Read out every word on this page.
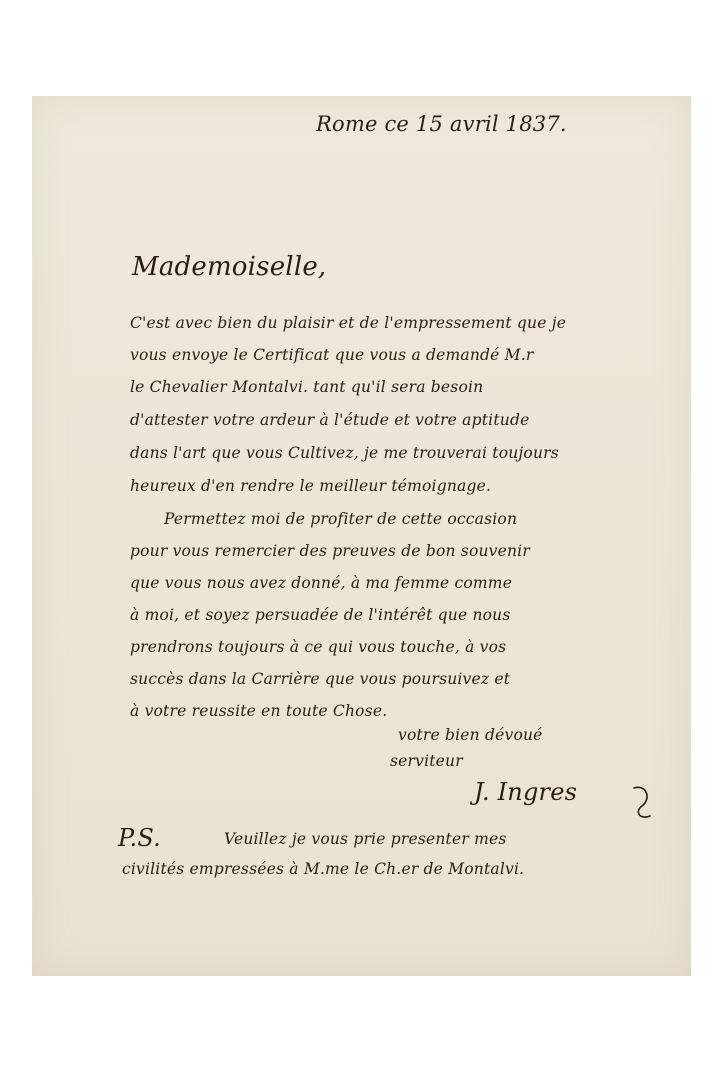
Rome ce 15 avril 1837.
Mademoiselle,
C'est avec bien du plaisir et de l'empressement que je
vous envoye le Certificat que vous a demandé M.r
le Chevalier Montalvi. tant qu'il sera besoin
d'attester votre ardeur à l'étude et votre aptitude
dans l'art que vous Cultivez, je me trouverai toujours
heureux d'en rendre le meilleur témoignage.
Permettez moi de profiter de cette occasion
pour vous remercier des preuves de bon souvenir
que vous nous avez donné, à ma femme comme
à moi, et soyez persuadée de l'intérêt que nous
prendrons toujours à ce qui vous touche, à vos
succès dans la Carrière que vous poursuivez et
à votre reussite en toute Chose.
votre bien dévoué
serviteur
J. Ingres
P.S.	Veuillez je vous prie presenter mes
civilités empressées à M.me le Ch.er de Montalvi.
